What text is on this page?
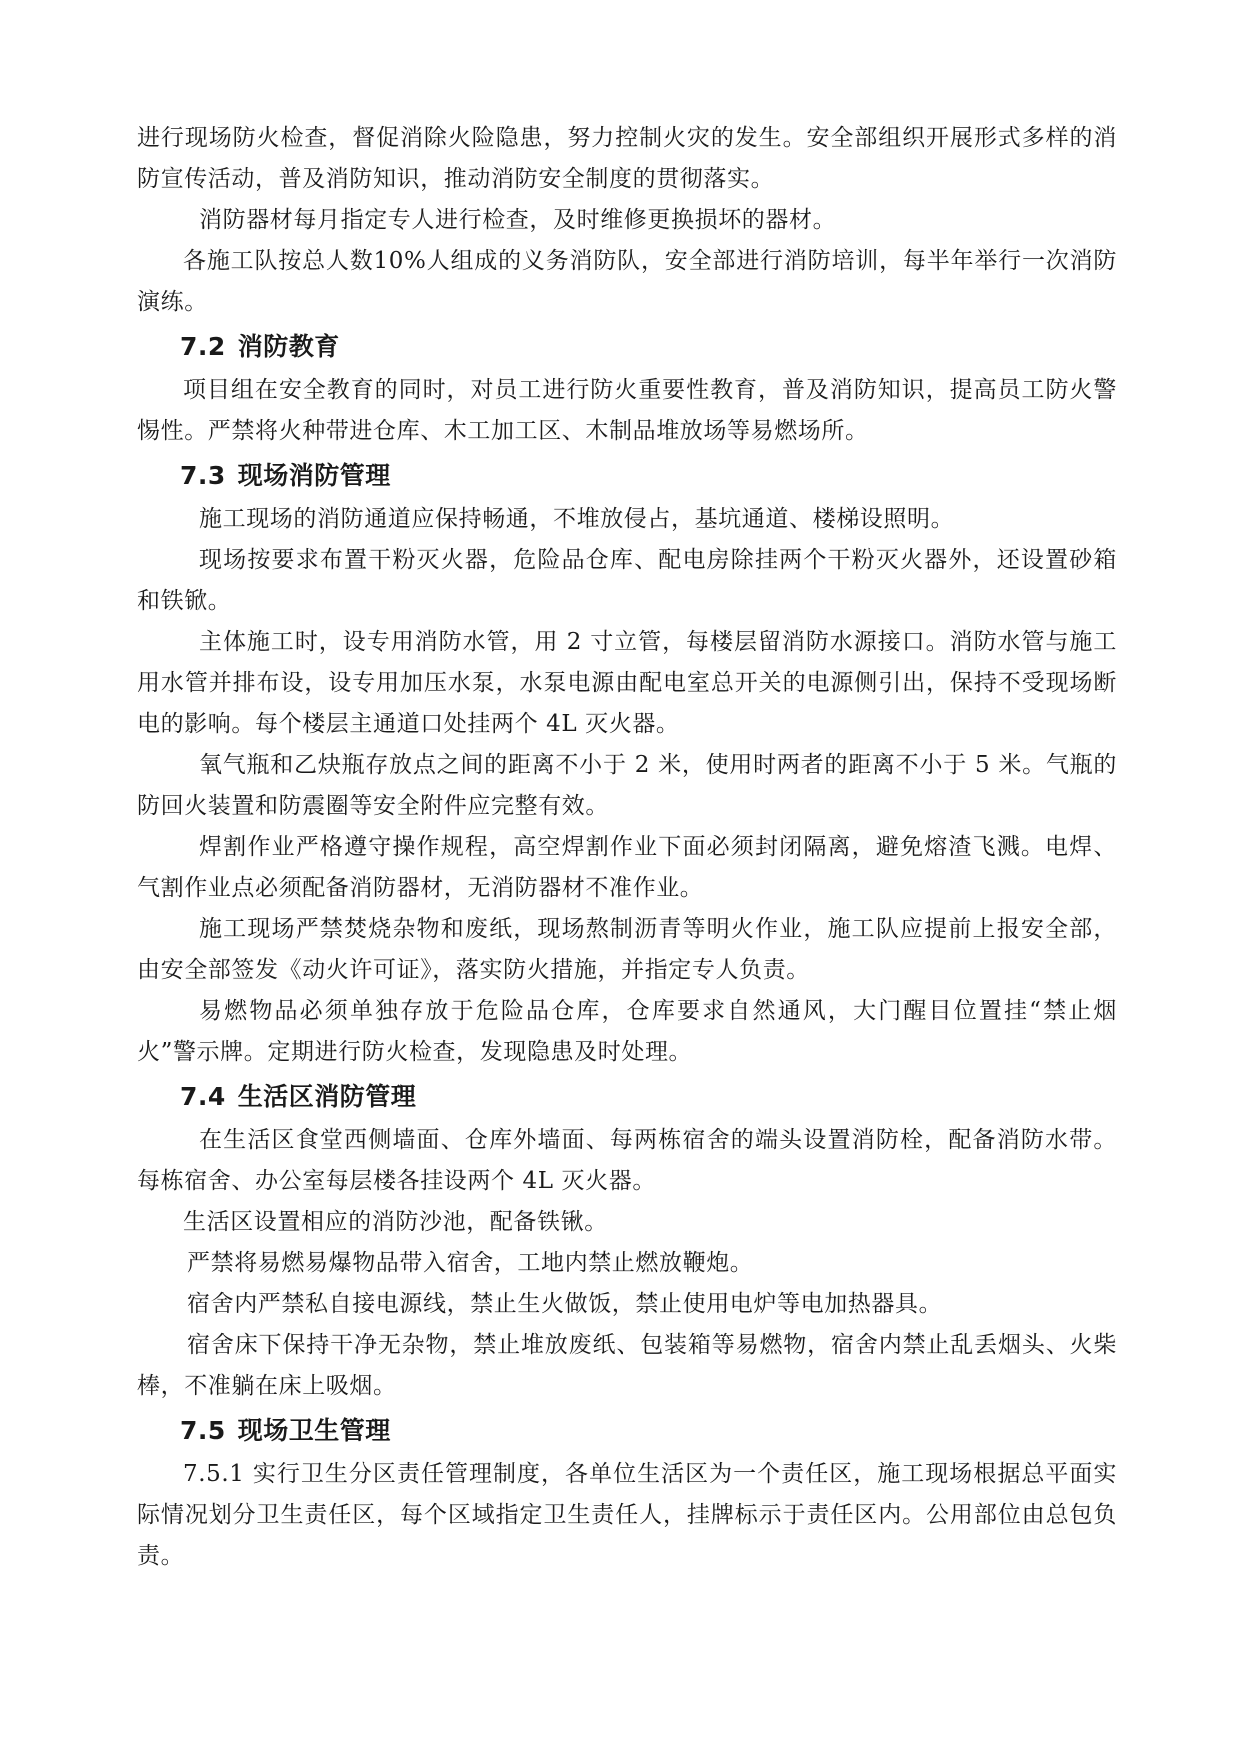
进行现场防火检查，督促消除火险隐患，努力控制火灾的发生。安全部组织开展形式多样的消防宣传活动，普及消防知识，推动消防安全制度的贯彻落实。

消防器材每月指定专人进行检查，及时维修更换损坏的器材。

各施工队按总人数10%人组成的义务消防队，安全部进行消防培训，每半年举行一次消防演练。

7.2 消防教育

项目组在安全教育的同时，对员工进行防火重要性教育，普及消防知识，提高员工防火警惕性。严禁将火种带进仓库、木工加工区、木制品堆放场等易燃场所。

7.3 现场消防管理

施工现场的消防通道应保持畅通，不堆放侵占，基坑通道、楼梯设照明。

现场按要求布置干粉灭火器，危险品仓库、配电房除挂两个干粉灭火器外，还设置砂箱和铁锨。

主体施工时，设专用消防水管，用 2 寸立管，每楼层留消防水源接口。消防水管与施工用水管并排布设，设专用加压水泵，水泵电源由配电室总开关的电源侧引出，保持不受现场断电的影响。每个楼层主通道口处挂两个 4L 灭火器。

氧气瓶和乙炔瓶存放点之间的距离不小于 2 米，使用时两者的距离不小于 5 米。气瓶的防回火装置和防震圈等安全附件应完整有效。

焊割作业严格遵守操作规程，高空焊割作业下面必须封闭隔离，避免熔渣飞溅。电焊、气割作业点必须配备消防器材，无消防器材不准作业。

施工现场严禁焚烧杂物和废纸，现场熬制沥青等明火作业，施工队应提前上报安全部，由安全部签发《动火许可证》，落实防火措施，并指定专人负责。

易燃物品必须单独存放于危险品仓库，仓库要求自然通风，大门醒目位置挂“禁止烟火”警示牌。定期进行防火检查，发现隐患及时处理。

7.4 生活区消防管理

在生活区食堂西侧墙面、仓库外墙面、每两栋宿舍的端头设置消防栓，配备消防水带。每栋宿舍、办公室每层楼各挂设两个 4L 灭火器。

生活区设置相应的消防沙池，配备铁锹。

严禁将易燃易爆物品带入宿舍，工地内禁止燃放鞭炮。

宿舍内严禁私自接电源线，禁止生火做饭，禁止使用电炉等电加热器具。

宿舍床下保持干净无杂物，禁止堆放废纸、包装箱等易燃物，宿舍内禁止乱丢烟头、火柴棒，不准躺在床上吸烟。

7.5 现场卫生管理

7.5.1 实行卫生分区责任管理制度，各单位生活区为一个责任区，施工现场根据总平面实际情况划分卫生责任区，每个区域指定卫生责任人，挂牌标示于责任区内。公用部位由总包负责。
